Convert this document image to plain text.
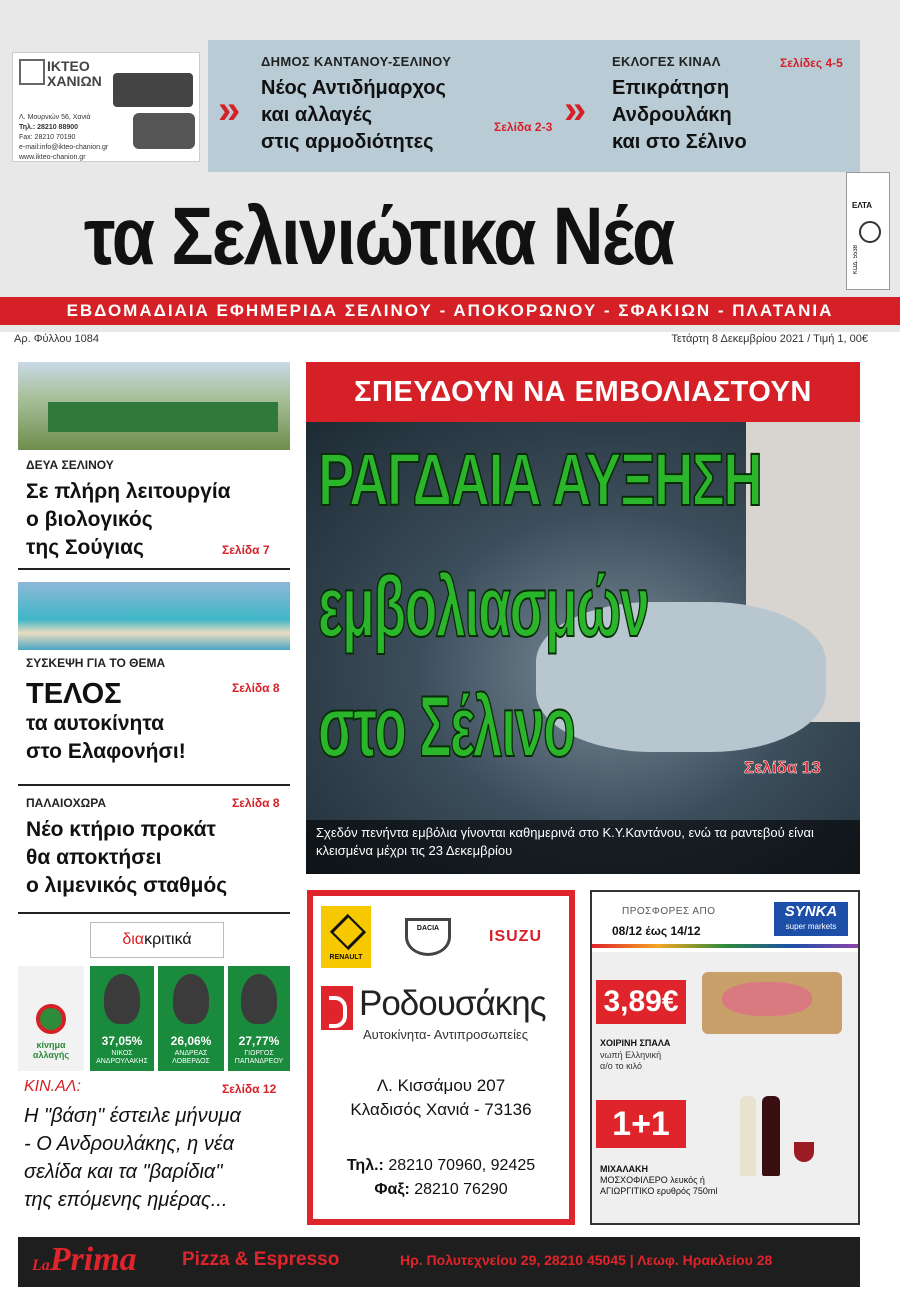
ΙΚΤΕΟ ΧΑΝΙΩΝ
Λ. Μουρνιών 56, Χανιά
Τηλ.: 28210 88900
Fax: 28210 70190
e-mail:info@ikteo-chanion.gr
www.ikteo-chanion.gr
»
ΔΗΜΟΣ ΚΑΝΤΑΝΟΥ-ΣΕΛΙΝΟΥ
Νέος Αντιδήμαρχος
και αλλαγές
στις αρμοδιότητες
Σελίδα 2-3 »
ΕΚΛΟΓΕΣ ΚΙΝΑΛ	Σελίδες 4-5
Επικράτηση
Ανδρουλάκη
και στο Σέλινο
τα Σελινιώτικα Νέα	ΕΛΤΑ
ΚΩΔ. 5538
ΕΒΔΟΜΑΔΙΑΙΑ ΕΦΗΜΕΡΙΔΑ ΣΕΛΙΝΟΥ - ΑΠΟΚΟΡΩΝΟΥ - ΣΦΑΚΙΩΝ - ΠΛΑΤΑΝΙΑ
Αρ. Φύλλου 1084	Τετάρτη 8 Δεκεμβρίου 2021 / Τιμή 1, 00€
ΔΕΥΑ ΣΕΛΙΝΟΥ
Σε πλήρη λειτουργία
ο βιολογικός
της Σούγιας	Σελίδα 7
ΣΥΣΚΕΨΗ ΓΙΑ ΤΟ ΘΕΜΑ
ΤΕΛΟΣ
τα αυτοκίνητα
στο Ελαφονήσι!
Σελίδα 8
ΠΑΛΑΙΟΧΩΡΑ	Σελίδα 8
Νέο κτήριο προκάτ
θα αποκτήσει
ο λιμενικός σταθμός
διακριτικά
κίνημα αλλαγής
37,05%
ΝΙΚΟΣ
ΑΝΔΡΟΥΛΑΚΗΣ
26,06%
ΑΝΔΡΕΑΣ
ΛΟΒΕΡΔΟΣ
27,77%
ΓΙΩΡΓΟΣ
ΠΑΠΑΝΔΡΕΟΥ
ΚΙΝ.ΑΛ:	Σελίδα 12
Η "βάση" έστειλε μήνυμα
- Ο Ανδρουλάκης, η νέα
σελίδα και τα "βαρίδια"
της επόμενης ημέρας...
ΣΠΕΥΔΟΥΝ ΝΑ ΕΜΒΟΛΙΑΣΤΟΥΝ
ΡΑΓΔΑΙΑ ΑΥΞΗΣΗ
εμβολιασμών
στο Σέλινο	Σελίδα 13
Σχεδόν πενήντα εμβόλια γίνονται καθημερινά στο Κ.Υ.Καντάνου, ενώ τα ραντεβού είναι κλεισμένα μέχρι τις 23 Δεκεμβρίου
RENAULT
DACIA	ISUZU
Ροδουσάκης
Αυτοκίνητα- Αντιπροσωπείες
Λ. Κισσάμου 207
Κλαδισός Χανιά - 73136
Τηλ.: 28210 70960, 92425
Φαξ: 28210 76290
ΠΡΟΣΦΟΡΕΣ ΑΠΟ
08/12 έως 14/12
SYNKA
super markets
3,89€
ΧΟΙΡΙΝΗ ΣΠΑΛΑ
νωπή Ελληνική
α/ο το κιλό
1+1
ΜΙΧΑΛΑΚΗ
ΜΟΣΧΟΦΙΛΕΡΟ λευκός ή
ΑΓΙΩΡΓΙΤΙΚΟ ερυθρός 750ml
LaPrima Pizza & Espresso	Ηρ. Πολυτεχνείου 29, 28210 45045 | Λεωφ. Ηρακλείου 28
